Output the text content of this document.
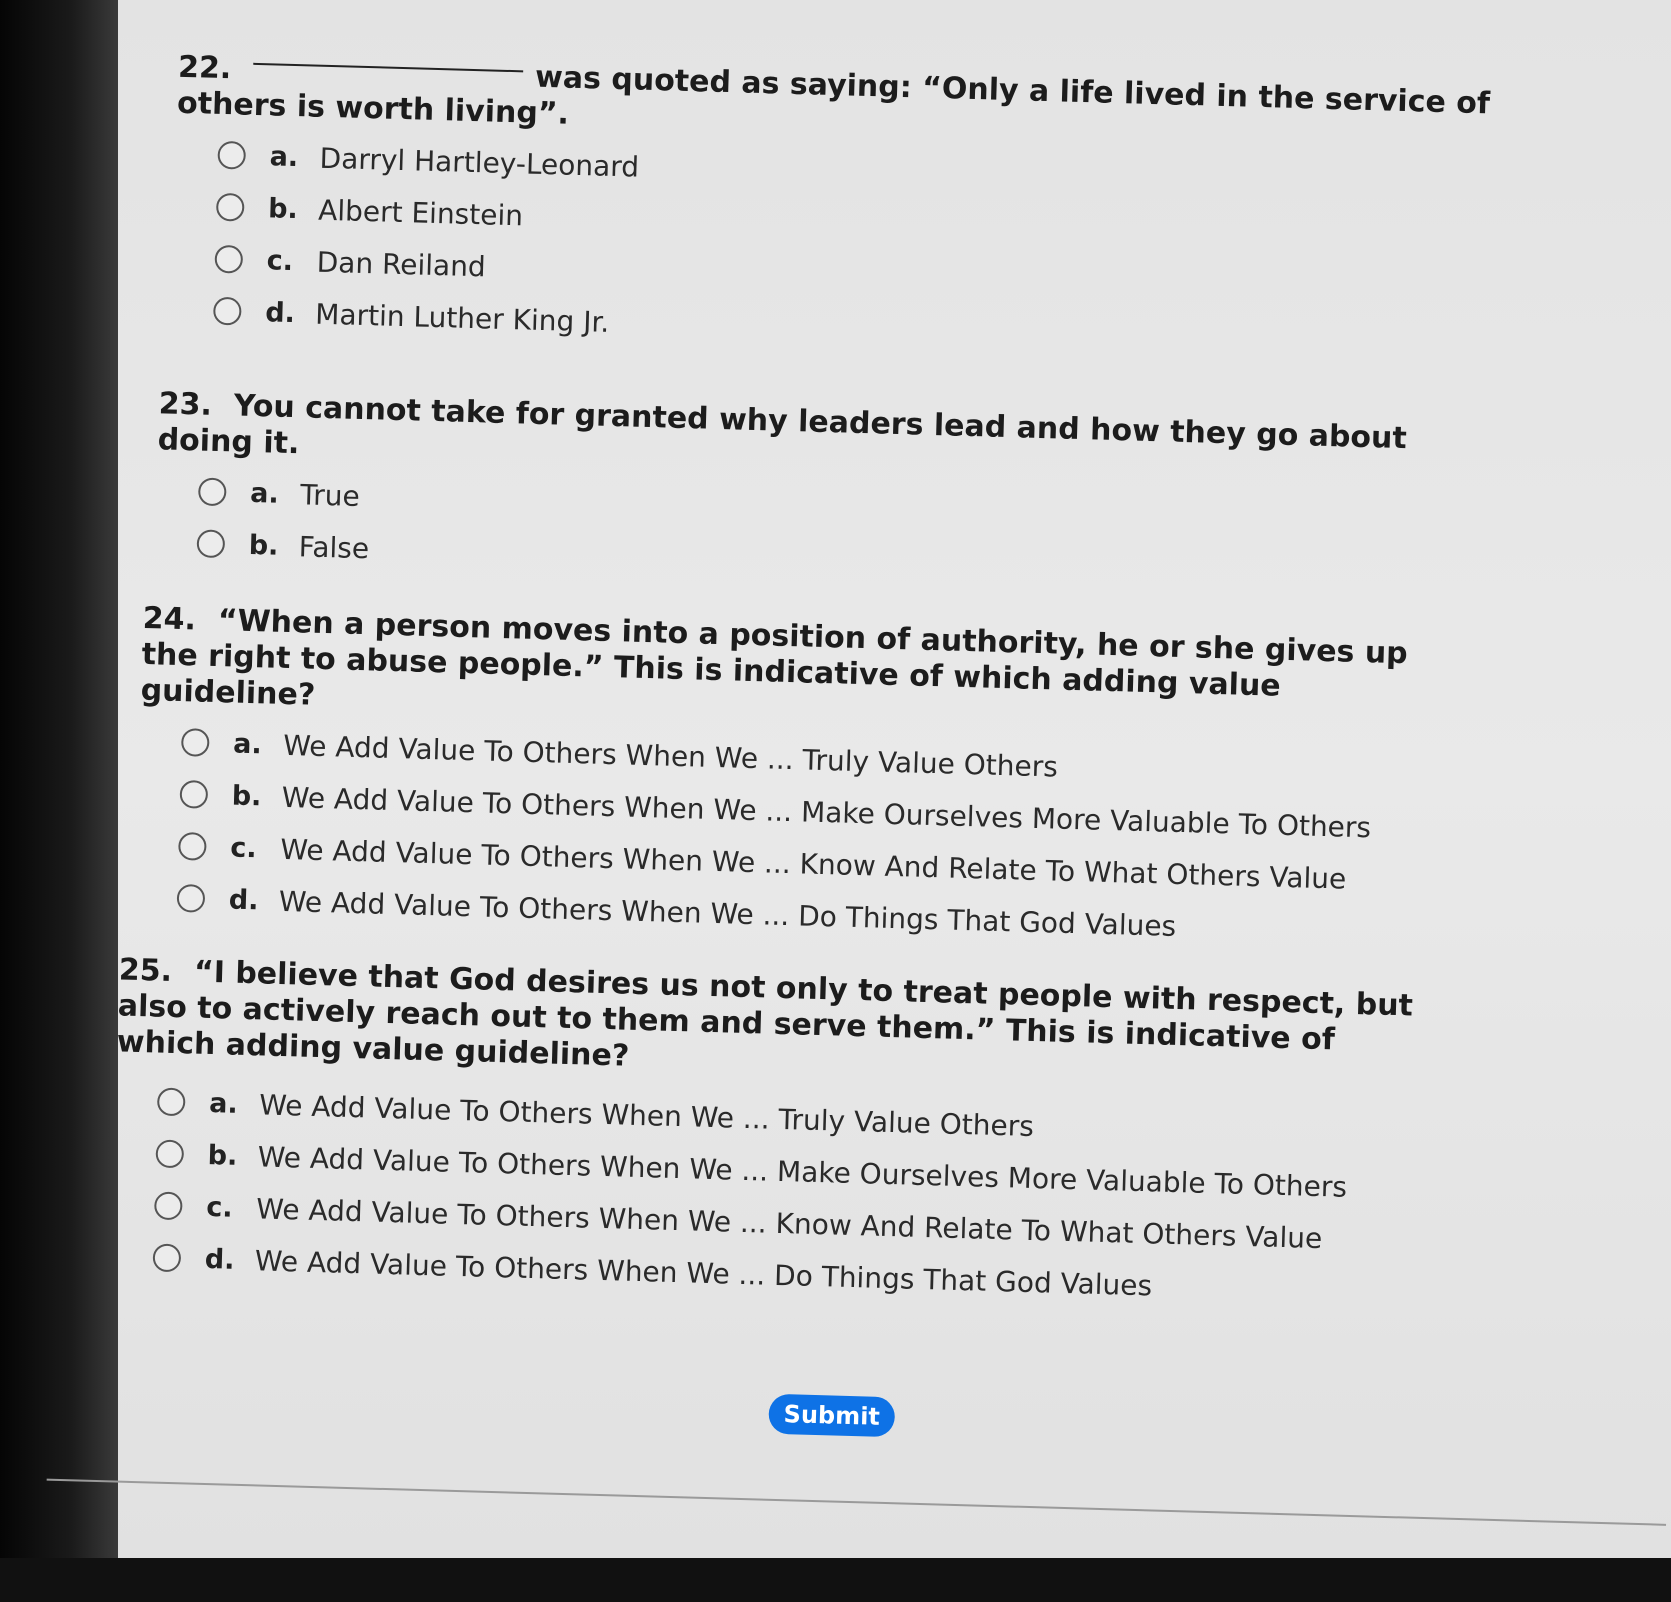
22.	was quoted as saying: “Only a life lived in the service of others is worth living”.

a. Darryl Hartley-Leonard
b. Albert Einstein
c. Dan Reiland
d. Martin Luther King Jr.

23. You cannot take for granted why leaders lead and how they go about doing it.

a. True
b. False

24. “When a person moves into a position of authority, he or she gives up the right to abuse people.” This is indicative of which adding value guideline?

a. We Add Value To Others When We ... Truly Value Others
b. We Add Value To Others When We ... Make Ourselves More Valuable To Others
c. We Add Value To Others When We ... Know And Relate To What Others Value
d. We Add Value To Others When We ... Do Things That God Values

25. “I believe that God desires us not only to treat people with respect, but also to actively reach out to them and serve them.” This is indicative of which adding value guideline?

a. We Add Value To Others When We ... Truly Value Others
b. We Add Value To Others When We ... Make Ourselves More Valuable To Others
c. We Add Value To Others When We ... Know And Relate To What Others Value
d. We Add Value To Others When We ... Do Things That God Values
Submit
